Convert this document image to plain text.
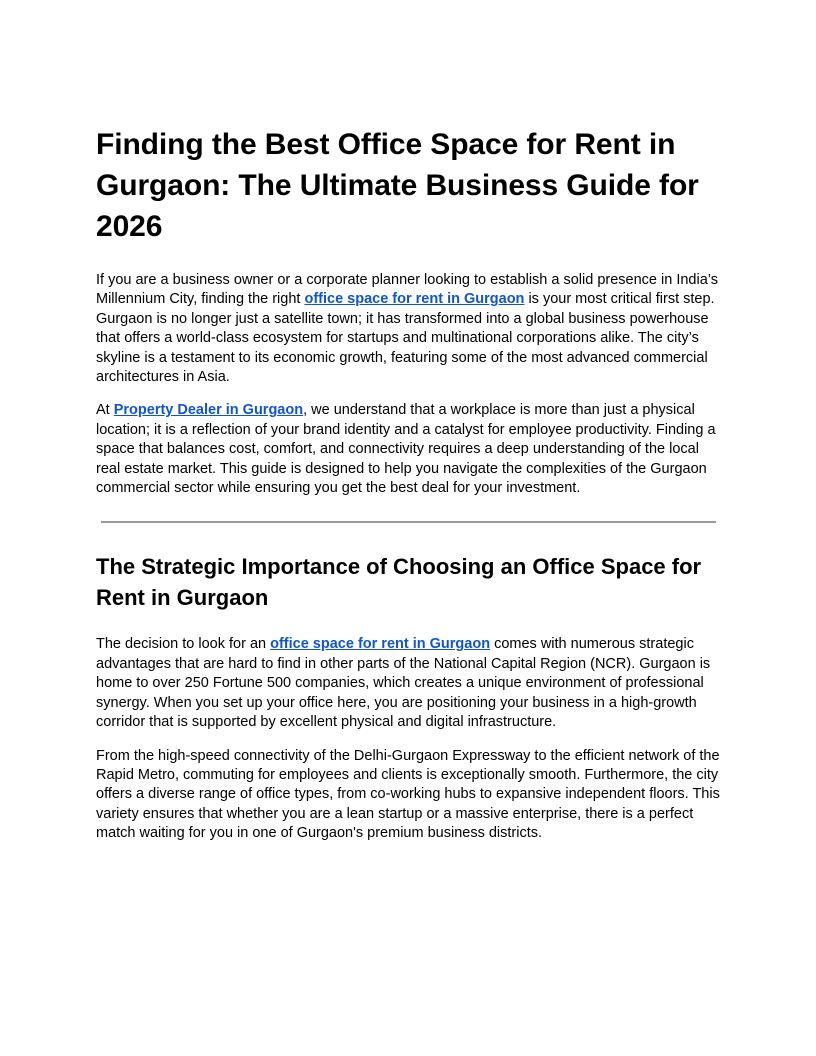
Finding the Best Office Space for Rent in Gurgaon: The Ultimate Business Guide for 2026

If you are a business owner or a corporate planner looking to establish a solid presence in India’s Millennium City, finding the right office space for rent in Gurgaon is your most critical first step. Gurgaon is no longer just a satellite town; it has transformed into a global business powerhouse that offers a world-class ecosystem for startups and multinational corporations alike. The city’s skyline is a testament to its economic growth, featuring some of the most advanced commercial architectures in Asia.

At Property Dealer in Gurgaon, we understand that a workplace is more than just a physical location; it is a reflection of your brand identity and a catalyst for employee productivity. Finding a space that balances cost, comfort, and connectivity requires a deep understanding of the local real estate market. This guide is designed to help you navigate the complexities of the Gurgaon commercial sector while ensuring you get the best deal for your investment.

The Strategic Importance of Choosing an Office Space for Rent in Gurgaon

The decision to look for an office space for rent in Gurgaon comes with numerous strategic advantages that are hard to find in other parts of the National Capital Region (NCR). Gurgaon is home to over 250 Fortune 500 companies, which creates a unique environment of professional synergy. When you set up your office here, you are positioning your business in a high-growth corridor that is supported by excellent physical and digital infrastructure.

From the high-speed connectivity of the Delhi-Gurgaon Expressway to the efficient network of the Rapid Metro, commuting for employees and clients is exceptionally smooth. Furthermore, the city offers a diverse range of office types, from co-working hubs to expansive independent floors. This variety ensures that whether you are a lean startup or a massive enterprise, there is a perfect match waiting for you in one of Gurgaon's premium business districts.
